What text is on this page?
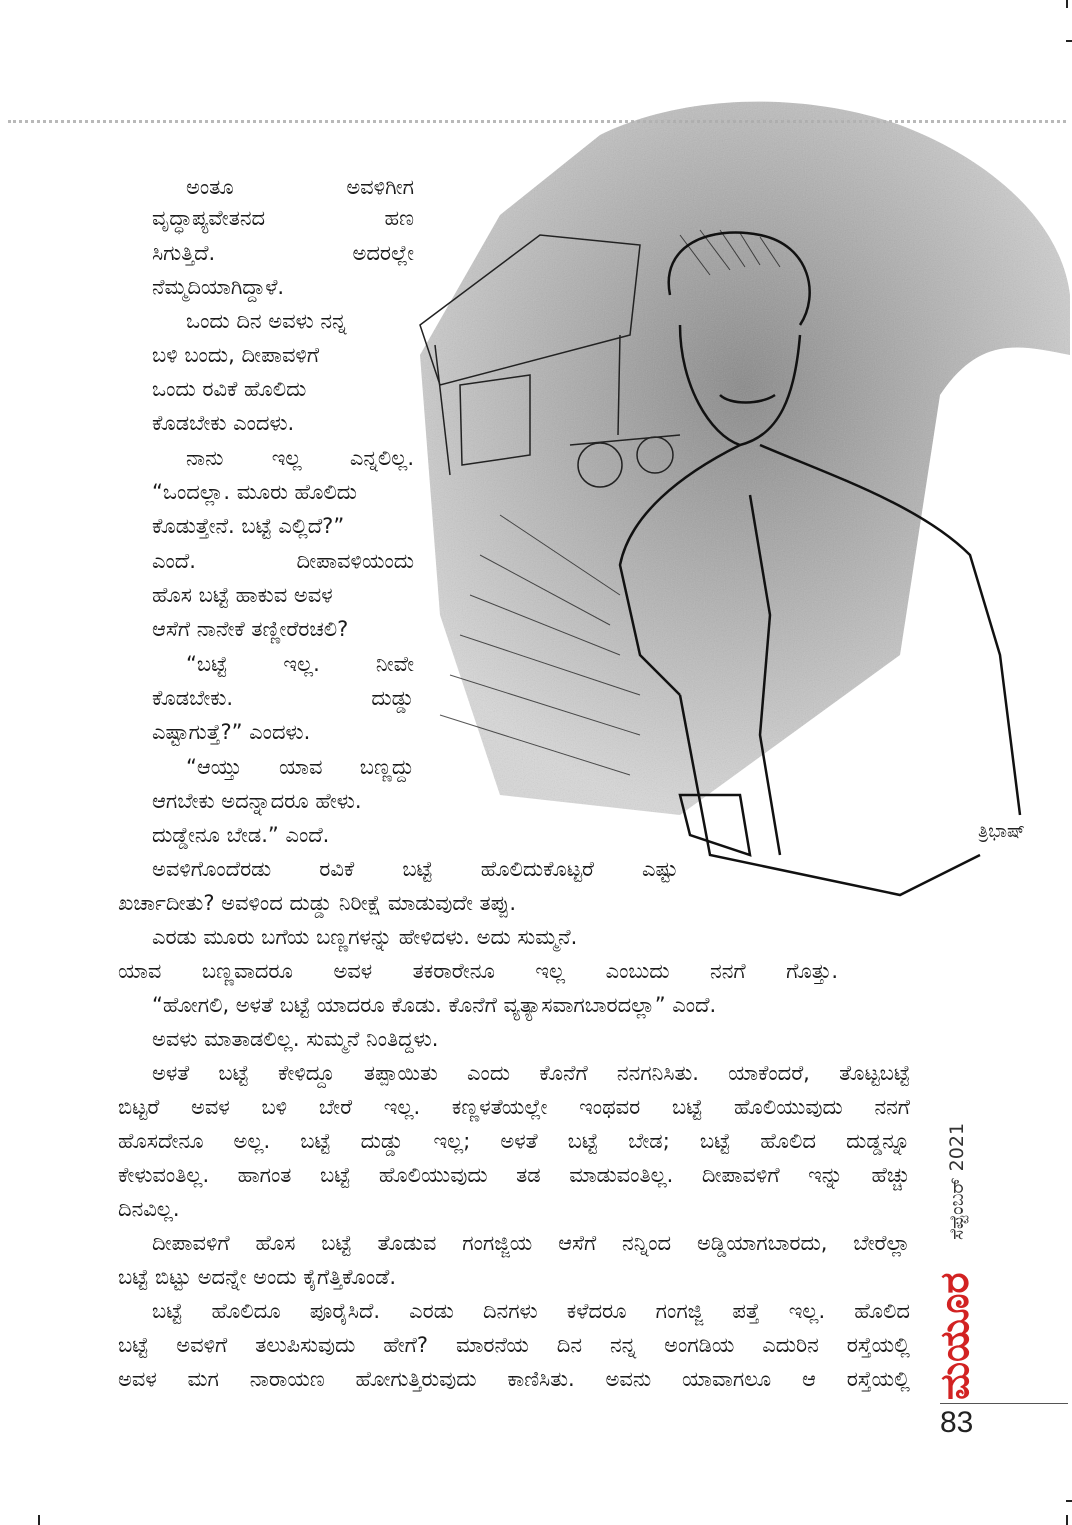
ತ್ರಿಭಾಷ್
ಅಂತೂ ಅವಳಿಗೀಗ
ವೃದ್ಧಾಪ್ಯವೇತನದ ಹಣ
ಸಿಗುತ್ತಿದೆ. ಅದರಲ್ಲೇ
ನೆಮ್ಮದಿಯಾಗಿದ್ದಾಳೆ.
ಒಂದು ದಿನ ಅವಳು ನನ್ನ
ಬಳಿ ಬಂದು, ದೀಪಾವಳಿಗೆ
ಒಂದು ರವಿಕೆ ಹೊಲಿದು
ಕೊಡಬೇಕು ಎಂದಳು.
ನಾನು ಇಲ್ಲ ಎನ್ನಲಿಲ್ಲ.
“ಒಂದಲ್ಲಾ. ಮೂರು ಹೊಲಿದು
ಕೊಡುತ್ತೇನೆ. ಬಟ್ಟೆ ಎಲ್ಲಿದೆ?”
ಎಂದೆ. ದೀಪಾವಳಿಯಂದು
ಹೊಸ ಬಟ್ಟೆ ಹಾಕುವ ಅವಳ
ಆಸೆಗೆ ನಾನೇಕೆ ತಣ್ಣೀರೆರಚಲಿ?
“ಬಟ್ಟೆ ಇಲ್ಲ. ನೀವೇ
ಕೊಡಬೇಕು. ದುಡ್ಡು
ಎಷ್ಟಾಗುತ್ತೆ?” ಎಂದಳು.
“ಆಯ್ತು ಯಾವ ಬಣ್ಣದ್ದು
ಆಗಬೇಕು ಅದನ್ನಾದರೂ ಹೇಳು.
ದುಡ್ಡೇನೂ ಬೇಡ.” ಎಂದೆ.
ಅವಳಿಗೊಂದೆರಡು ರವಿಕೆ ಬಟ್ಟೆ ಹೊಲಿದುಕೊಟ್ಟರೆ ಎಷ್ಟು
ಖರ್ಚಾದೀತು? ಅವಳಿಂದ ದುಡ್ಡು ನಿರೀಕ್ಷೆ ಮಾಡುವುದೇ ತಪ್ಪು.
ಎರಡು ಮೂರು ಬಗೆಯ ಬಣ್ಣಗಳನ್ನು ಹೇಳಿದಳು. ಅದು ಸುಮ್ಮನೆ.
ಯಾವ ಬಣ್ಣವಾದರೂ ಅವಳ ತಕರಾರೇನೂ ಇಲ್ಲ ಎಂಬುದು ನನಗೆ ಗೊತ್ತು.
“ಹೋಗಲಿ, ಅಳತೆ ಬಟ್ಟೆ ಯಾದರೂ ಕೊಡು. ಕೊನೆಗೆ ವ್ಯತ್ಯಾಸವಾಗಬಾರದಲ್ಲಾ” ಎಂದೆ.
ಅವಳು ಮಾತಾಡಲಿಲ್ಲ. ಸುಮ್ಮನೆ ನಿಂತಿದ್ದಳು.
ಅಳತೆ ಬಟ್ಟೆ ಕೇಳಿದ್ದೂ ತಪ್ಪಾಯಿತು ಎಂದು ಕೊನೆಗೆ ನನಗನಿಸಿತು. ಯಾಕೆಂದರೆ, ತೊಟ್ಟಬಟ್ಟೆ
ಬಿಟ್ಟರೆ ಅವಳ ಬಳಿ ಬೇರೆ ಇಲ್ಲ. ಕಣ್ಣಳತೆಯಲ್ಲೇ ಇಂಥವರ ಬಟ್ಟೆ ಹೊಲಿಯುವುದು ನನಗೆ
ಹೊಸದೇನೂ ಅಲ್ಲ. ಬಟ್ಟೆ ದುಡ್ಡು ಇಲ್ಲ; ಅಳತೆ ಬಟ್ಟೆ ಬೇಡ; ಬಟ್ಟೆ ಹೊಲಿದ ದುಡ್ಡನ್ನೂ
ಕೇಳುವಂತಿಲ್ಲ. ಹಾಗಂತ ಬಟ್ಟೆ ಹೊಲಿಯುವುದು ತಡ ಮಾಡುವಂತಿಲ್ಲ. ದೀಪಾವಳಿಗೆ ಇನ್ನು ಹೆಚ್ಚು
ದಿನವಿಲ್ಲ.
ದೀಪಾವಳಿಗೆ ಹೊಸ ಬಟ್ಟೆ ತೊಡುವ ಗಂಗಜ್ಜಿಯ ಆಸೆಗೆ ನನ್ನಿಂದ ಅಡ್ಡಿಯಾಗಬಾರದು, ಬೇರೆಲ್ಲಾ
ಬಟ್ಟೆ ಬಿಟ್ಟು ಅದನ್ನೇ ಅಂದು ಕೈಗೆತ್ತಿಕೊಂಡೆ.
ಬಟ್ಟೆ ಹೊಲಿದೂ ಪೂರೈಸಿದೆ. ಎರಡು ದಿನಗಳು ಕಳೆದರೂ ಗಂಗಜ್ಜಿ ಪತ್ತೆ ಇಲ್ಲ. ಹೊಲಿದ
ಬಟ್ಟೆ ಅವಳಿಗೆ ತಲುಪಿಸುವುದು ಹೇಗೆ? ಮಾರನೆಯ ದಿನ ನನ್ನ ಅಂಗಡಿಯ ಎದುರಿನ ರಸ್ತೆಯಲ್ಲಿ
ಅವಳ ಮಗ ನಾರಾಯಣ ಹೋಗುತ್ತಿರುವುದು ಕಾಣಿಸಿತು. ಅವನು ಯಾವಾಗಲೂ ಆ ರಸ್ತೆಯಲ್ಲಿ
ಸೆಪ್ಟೆಂಬರ್ 2021
ಮಯೂರ
83
